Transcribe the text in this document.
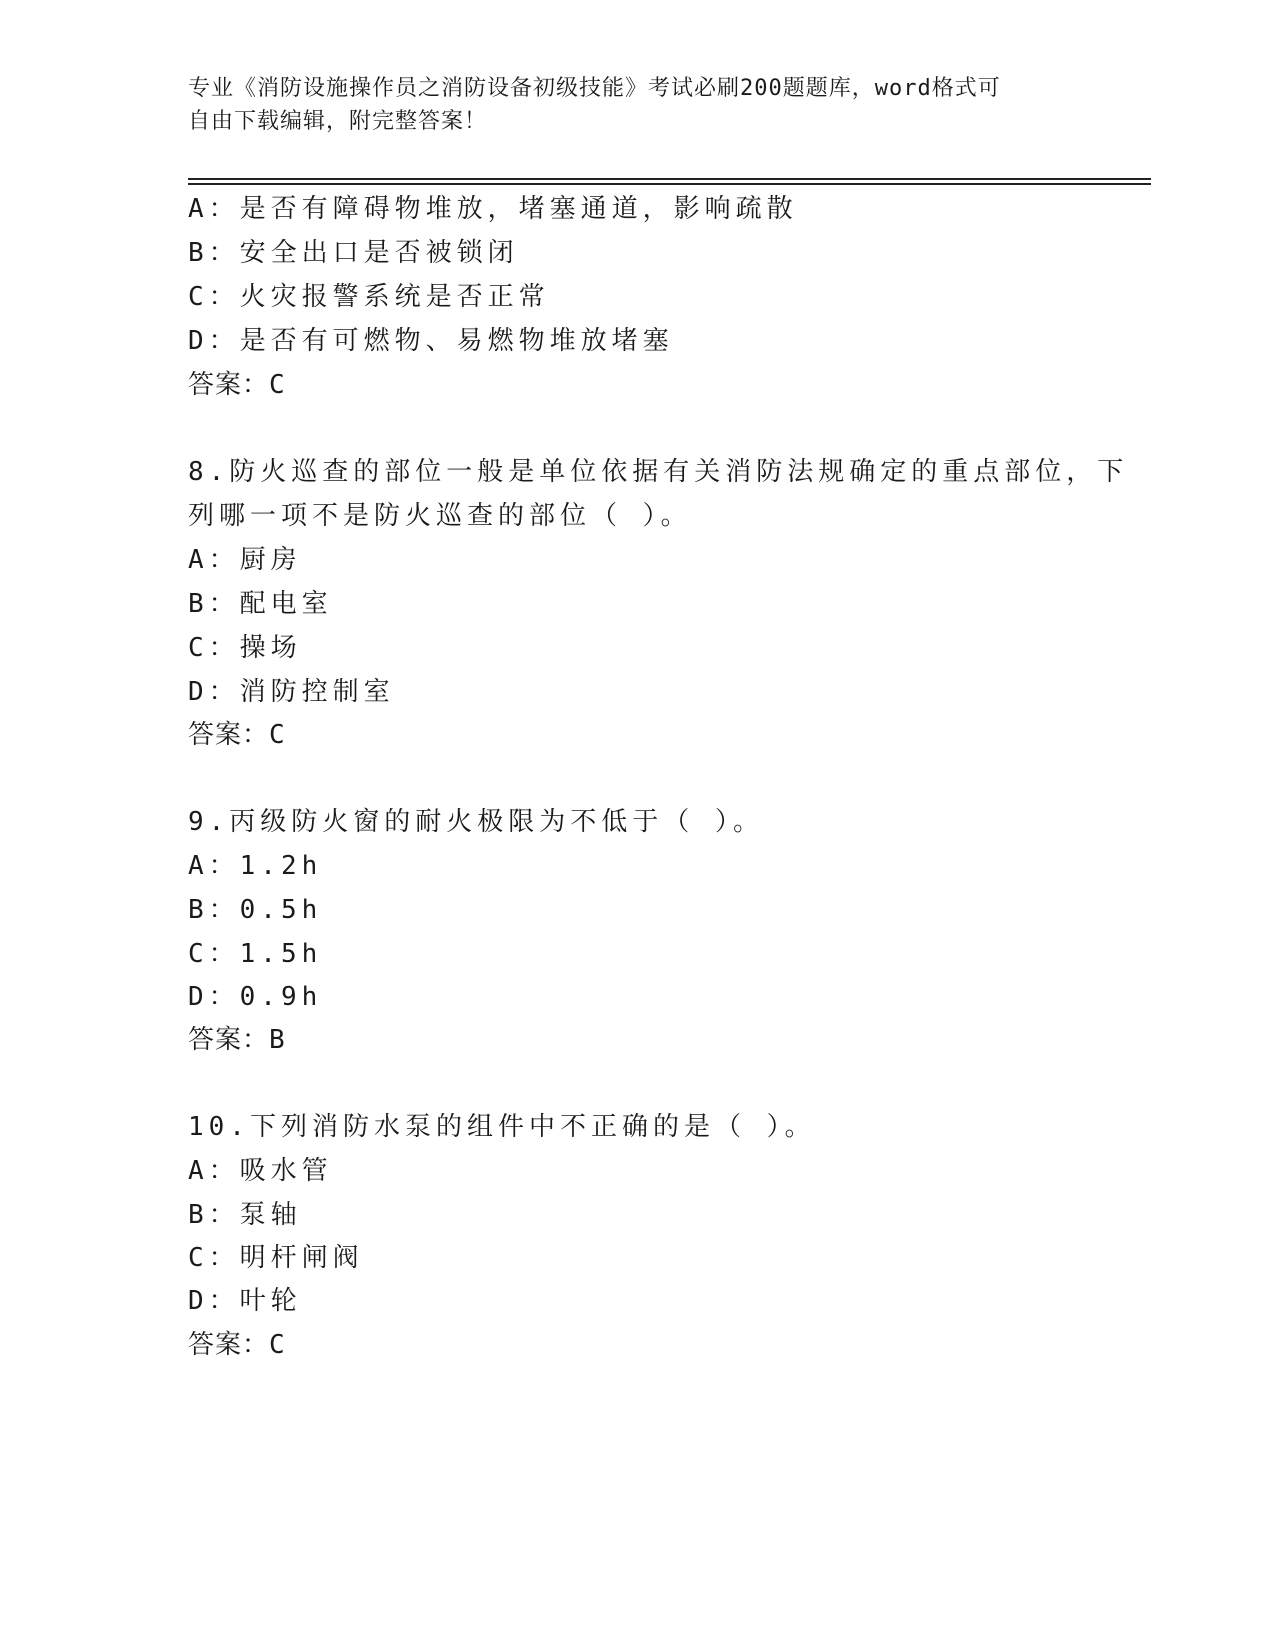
专业《消防设施操作员之消防设备初级技能》考试必刷200题题库，word格式可
自由下载编辑，附完整答案！
A：是否有障碍物堆放，堵塞通道，影响疏散
B：安全出口是否被锁闭
C：火灾报警系统是否正常
D：是否有可燃物、易燃物堆放堵塞
答案：C
8.防火巡查的部位一般是单位依据有关消防法规确定的重点部位，下
列哪一项不是防火巡查的部位（ ）。
A：厨房
B：配电室
C：操场
D：消防控制室
答案：C
9.丙级防火窗的耐火极限为不低于（ ）。
A：1.2h
B：0.5h
C：1.5h
D：0.9h
答案：B
10.下列消防水泵的组件中不正确的是（ ）。
A：吸水管
B：泵轴
C：明杆闸阀
D：叶轮
答案：C
